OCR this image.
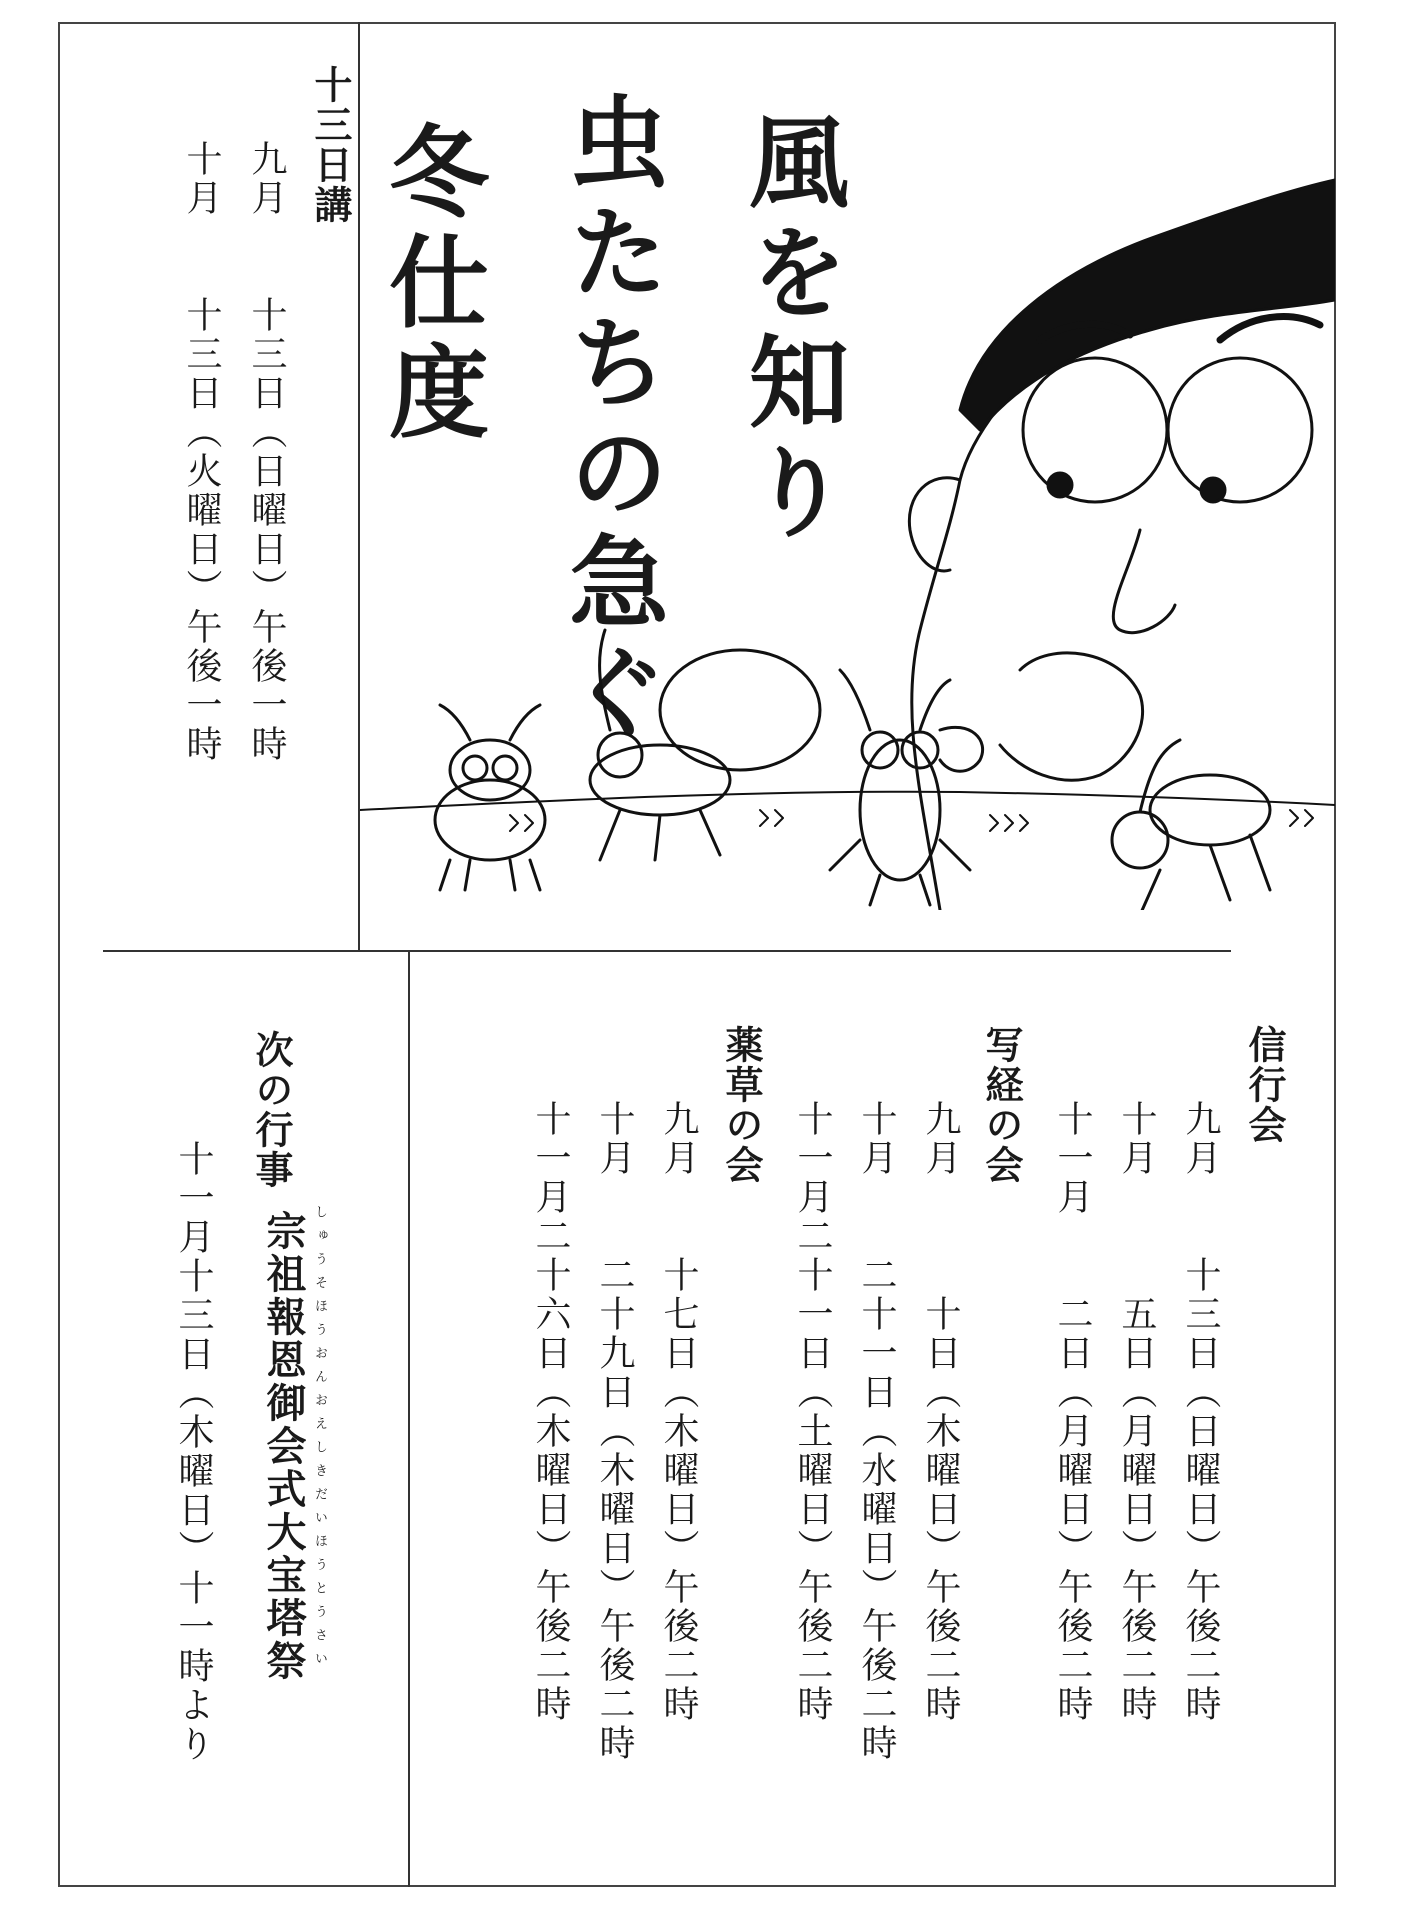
十三日講
九月　　十三日（日曜日）午後一時
十月　　十三日（火曜日）午後一時 冬仕度 虫たちの急ぐ 風を知り
信行会
九月　　十三日（日曜日）午後二時
十月　　　五日（月曜日）午後二時
十一月　　二日（月曜日）午後二時
写経の会
九月　　　十日（木曜日）午後二時
十月　　二十一日（水曜日）午後二時
十一月二十一日（土曜日）午後二時
薬草の会
九月　　十七日（木曜日）午後二時
十月　　二十九日（木曜日）午後二時
十一月二十六日（木曜日）午後二時
次の行事
しゅうそほうおんおえしきだいほうとうさい
宗祖報恩御会式大宝塔祭
十一月十三日（木曜日）十一時より
